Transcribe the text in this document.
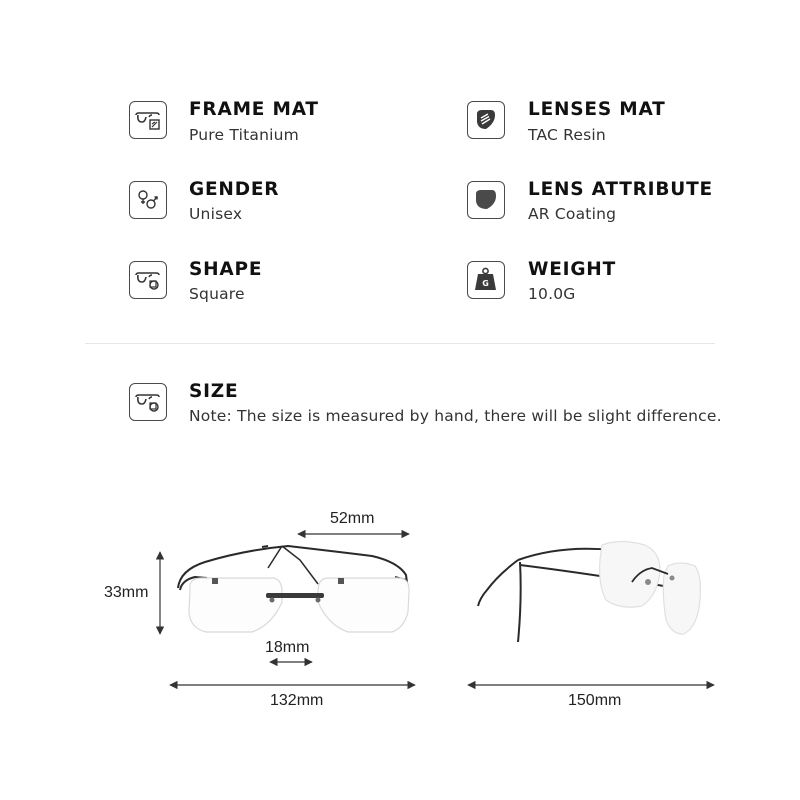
FRAME MAT
Pure Titanium
LENSES MAT
TAC Resin
GENDER
Unisex
LENS ATTRIBUTE
AR Coating
SHAPE
Square
G
WEIGHT
10.0G
SIZE
Note: The size is measured by hand, there will be slight difference.
52mm
33mm
18mm
132mm	150mm
